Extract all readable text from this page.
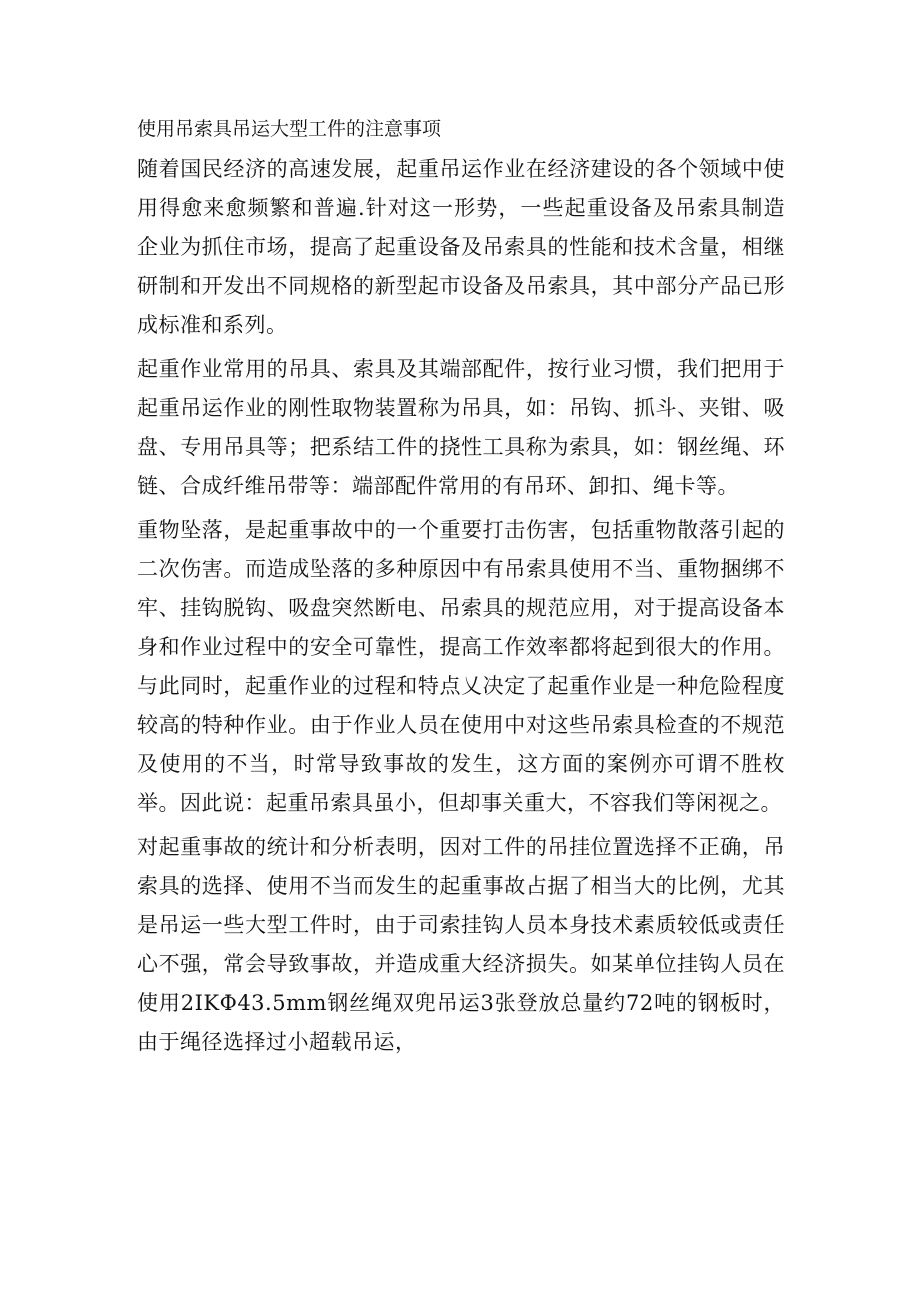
使用吊索具吊运大型工件的注意事项

随着国民经济的高速发展，起重吊运作业在经济建设的各个领域中使用得愈来愈频繁和普遍.针对这一形势，一些起重设备及吊索具制造企业为抓住市场，提高了起重设备及吊索具的性能和技术含量，相继研制和开发出不同规格的新型起市设备及吊索具，其中部分产品已形成标准和系列。

起重作业常用的吊具、索具及其端部配件，按行业习惯，我们把用于起重吊运作业的刚性取物装置称为吊具，如：吊钩、抓斗、夹钳、吸盘、专用吊具等；把系结工件的挠性工具称为索具，如：钢丝绳、环链、合成纤维吊带等：端部配件常用的有吊环、卸扣、绳卡等。

重物坠落，是起重事故中的一个重要打击伤害，包括重物散落引起的二次伤害。而造成坠落的多种原因中有吊索具使用不当、重物捆绑不牢、挂钩脱钩、吸盘突然断电、吊索具的规范应用，对于提高设备本身和作业过程中的安全可靠性，提高工作效率都将起到很大的作用。与此同时，起重作业的过程和特点乂决定了起重作业是一种危险程度较高的特种作业。由于作业人员在使用中对这些吊索具检查的不规范及使用的不当，时常导致事故的发生，这方面的案例亦可谓不胜枚举。因此说：起重吊索具虽小，但却事关重大，不容我们等闲视之。

对起重事故的统计和分析表明，因对工件的吊挂位置选择不正确，吊索具的选择、使用不当而发生的起重事故占据了相当大的比例，尤其是吊运一些大型工件时，由于司索挂钩人员本身技术素质较低或责任心不强，常会导致事故，并造成重大经济损失。如某单位挂钩人员在使用2IKΦ43.5mm钢丝绳双兜吊运3张登放总量约72吨的钢板时，由于绳径选择过小超载吊运，
